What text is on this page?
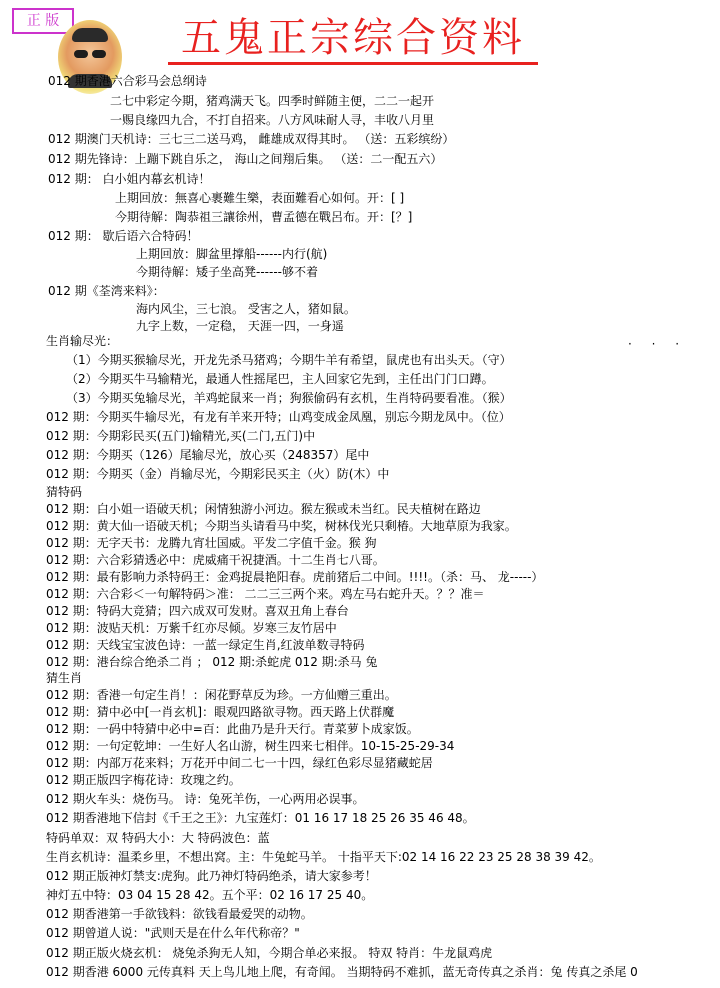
正 版	五鬼正宗综合资料
012 期香港六合彩马会总纲诗
二七中彩定今期，猪鸡满天飞。四季时鲜随主便，二二一起开
一赐良缘四九合，不打自招来。八方风味耐人寻，丰收八月里
012 期澳门天机诗：三七三二送马鸡， 雌雄成双得其时。 （送：五彩缤纷）
012 期先锋诗：上蹦下跳自乐之， 海山之间翔后集。 （送：二一配五六）
012 期： 白小姐内幕玄机诗！
上期回放：無喜心裹難生樂，表面難看心如何。开：[ ]
今期待解：陶恭祖三讓徐州，曹孟德在戰呂布。开：[？]
012 期： 歇后语六合特码！
上期回放：脚盆里撑船------内行(航)
今期待解：矮子坐高凳------够不着
012 期《荃湾来料》：
海内风尘，三七浪。 受害之人，猪如鼠。
九字上数，一定稳， 天涯一四，一身遥
生肖输尽光：
（1）今期买猴输尽光，开龙先杀马猪鸡；今期牛羊有希望，鼠虎也有出头天。（守）
（2）今期买牛马输精光，最通人性摇尾巴，主人回家它先到，主任出门门口蹲。
（3）今期买兔输尽光，羊鸡蛇鼠来一肖；狗猴偷码有玄机，生肖特码要看准。（猴）
012 期：今期买牛输尽光，有龙有羊来开特；山鸡变成金凤凰，别忘今期龙凤中。（位）
012 期：今期彩民买(五门)输精光,买(二门,五门)中
012 期：今期买（126）尾输尽光，放心买（248357）尾中
012 期：今期买（金）肖输尽光，今期彩民买主（火）防(木）中
猜特码
012 期：白小姐一语破天机；闲情独游小河边。猴左猴或未当红。民夫植树在路边
012 期：黄大仙一语破天机；今期当头请看马中奖，树林伐光只剩椿。大地草原为我家。
012 期：无字天书：龙腾九宵壮国威。平发二字值千金。猴 狗
012 期：六合彩猜透必中：虎威痛干祝捷酒。十二生肖七八哥。
012 期：最有影响力杀特码王：金鸡捉晨艳阳春。虎前猪后二中间。!!!!。（杀：马、 龙-----）
012 期：六合彩＜一句解特码＞准： 二二三三两个来。鸡左马右蛇升天。？？准＝
012 期：特码大竞猜；四六成双可发财。喜双丑角上春台
012 期：波贴天机：万紫千红亦尽倾。岁寒三友竹居中
012 期：天线宝宝波色诗：一蓝一绿定生肖,红波单数寻特码
012 期：港台综合绝杀二肖 ； 012 期:杀蛇虎 012 期:杀马 兔
猜生肖
012 期：香港一句定生肖！：闲花野草反为珍。一方仙赠三重出。
012 期：猜中必中[一肖玄机]：眼观四路欲寻物。西天路上伏群魔
012 期：一码中特猜中必中=百：此曲乃是升天行。青菜萝卜成家饭。
012 期：一句定乾坤：一生好人名山游，树生四来七相伴。10-15-25-29-34
012 期：内部万花来料；万花开中间二七一十四，绿红色彩尽显猪藏蛇居
012 期正版四字梅花诗：玫瑰之约。
012 期火车头：烧伤马。 诗：兔死羊伤，一心两用必误事。
012 期香港地下信封《千王之王》：九宝莲灯：01 16 17 18 25 26 35 46 48。
特码单双：双 特码大小：大 特码波色：蓝
生肖玄机诗：温柔乡里，不想出窝。主：牛兔蛇马羊。 十指平天下:02 14 16 22 23 25 28 38 39 42。
012 期正版神灯禁支:虎狗。此乃神灯特码绝杀，请大家参考！
神灯五中特：03 04 15 28 42。五个平：02 16 17 25 40。
012 期香港第一手欲钱料：欲钱看最爱哭的动物。
012 期曾道人说："武则天是在什么年代称帝？"
012 期正版火烧玄机： 烧兔杀狗无人知，今期合单必来报。 特双 特肖：牛龙鼠鸡虎
012 期香港 6000 元传真料 天上鸟儿地上爬，有奇闻。 当期特码不难抓，蓝无奇传真之杀肖：兔 传真之杀尾 0
· · ·
